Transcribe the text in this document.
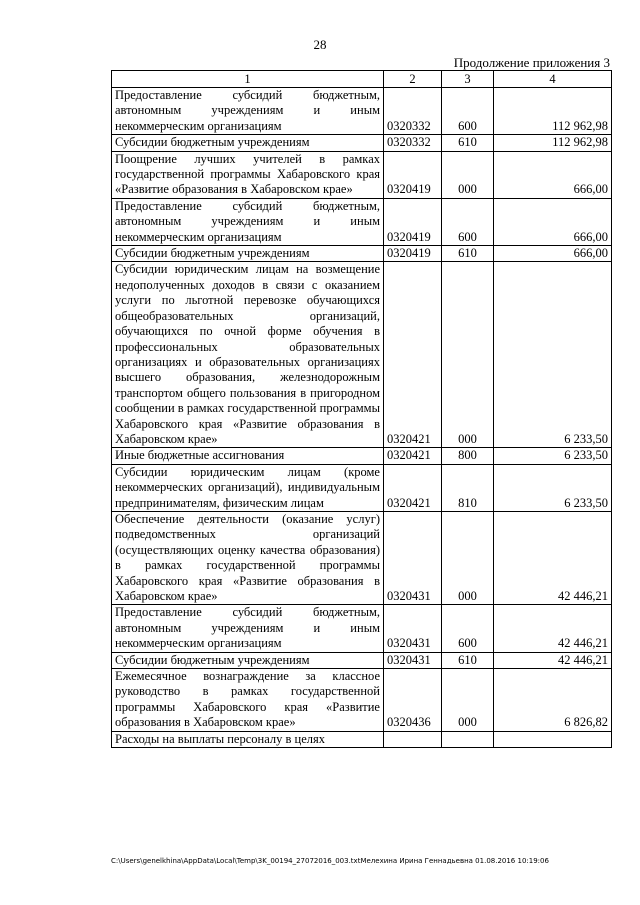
28
Продолжение приложения 3
1	2	3	4
Предоставление субсидий бюджетным, автономным учреждениям и иным некоммерческим организациям	0320332	600	112 962,98
Субсидии бюджетным учреждениям	0320332	610	112 962,98
Поощрение лучших учителей в рамках государственной программы Хабаровского края «Развитие образования в Хабаровском крае»	0320419	000	666,00
Предоставление субсидий бюджетным, автономным учреждениям и иным некоммерческим организациям	0320419	600	666,00
Субсидии бюджетным учреждениям	0320419	610	666,00
Субсидии юридическим лицам на возмещение недополученных доходов в связи с оказанием услуги по льготной перевозке обучающихся общеобразовательных организаций, обучающихся по очной форме обучения в профессиональных образовательных организациях и образовательных организациях высшего образования, железнодорожным транспортом общего пользования в пригородном сообщении в рамках государственной программы Хабаровского края «Развитие образования в Хабаровском крае»	0320421	000	6 233,50
Иные бюджетные ассигнования	0320421	800	6 233,50
Субсидии юридическим лицам (кроме некоммерческих организаций), индивидуальным предпринимателям, физическим лицам	0320421	810	6 233,50
Обеспечение деятельности (оказание услуг) подведомственных организаций (осуществляющих оценку качества образования) в рамках государственной программы Хабаровского края «Развитие образования в Хабаровском крае»	0320431	000	42 446,21
Предоставление субсидий бюджетным, автономным учреждениям и иным некоммерческим организациям	0320431	600	42 446,21
Субсидии бюджетным учреждениям	0320431	610	42 446,21
Ежемесячное вознаграждение за классное руководство в рамках государственной программы Хабаровского края «Развитие образования в Хабаровском крае»	0320436	000	6 826,82
Расходы на выплаты персоналу в целях			
C:\Users\genelkhina\AppData\Local\Temp\3K_00194_27072016_003.txtМелехина Ирина Геннадьевна 01.08.2016 10:19:06
